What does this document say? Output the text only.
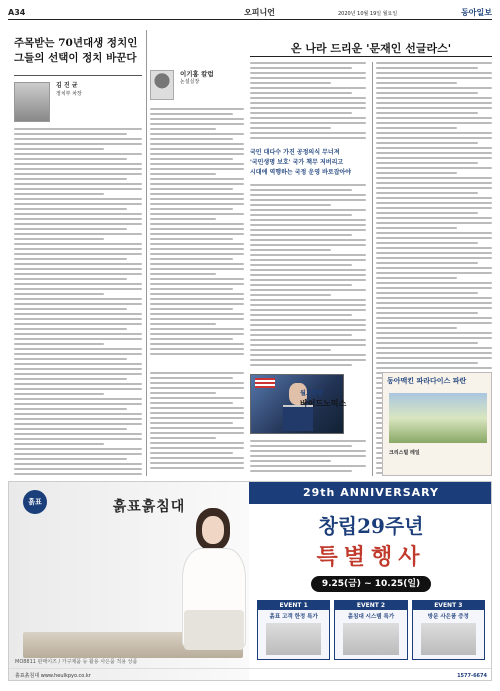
A34	오피니언	2020년 10월 19일 월요일	동아일보
주목받는 70년대생 정치인 그들의 선택이 정치 바꾼다
김 진 균
정치부 차장
이기홍 칼럼
논설실장
온 나라 드리운 '문재인 선글라스'
국민 대다수 가진 공정의식 무너져
'국민생명 보호' 국가 책무 저버리고
시대에 역행하는 국정 운영 바로잡아야
월요칼럼
바이드노믹스
흙표	흙표흙침대
MO8811 판매이즈 / 가구제품 등 활용 사은품 적용 상품
29th ANNIVERSARY
창립29주년
특별행사
9.25(금) ~ 10.25(일)
EVENT 1
흙표 고객 한정 특가
EVENT 2
흙침대 시스템 특가
EVENT 3
방문 사은품 증정
흙표흙침대 www.heulkpyo.co.kr	1577-6674
동아맥킨 파라다이스 파란
크리스털 레일
